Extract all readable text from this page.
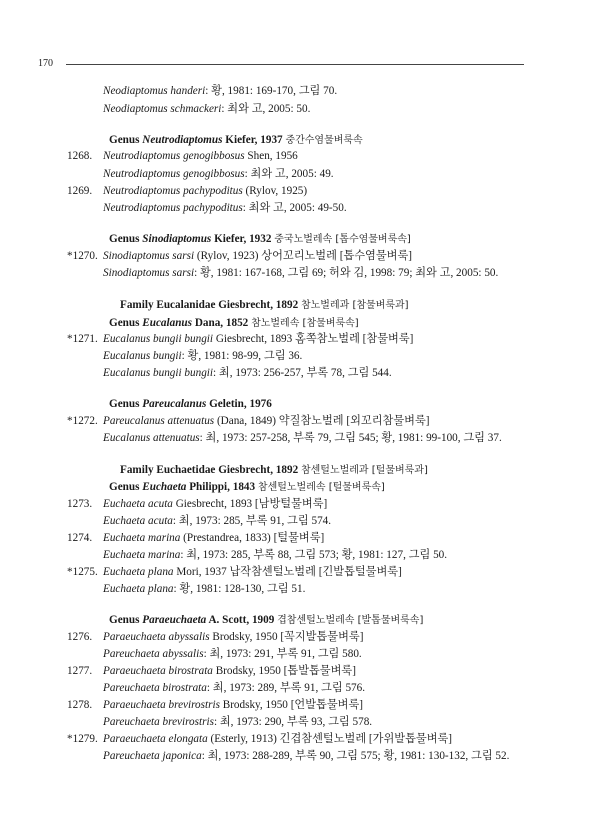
170
Neodiaptomus handeri: 황, 1981: 169-170, 그림 70.
Neodiaptomus schmackeri: 최와 고, 2005: 50.
Genus Neutrodiaptomus Kiefer, 1937 중간수염물벼룩속
1268. Neutrodiaptomus genogibbosus Shen, 1956
Neutrodiaptomus genogibbosus: 최와 고, 2005: 49.
1269. Neutrodiaptomus pachypoditus (Rylov, 1925)
Neutrodiaptomus pachypoditus: 최와 고, 2005: 49-50.
Genus Sinodiaptomus Kiefer, 1932 중국노벌레속 [톱수염물벼룩속]
*1270. Sinodiaptomus sarsi (Rylov, 1923) 상어꼬리노벌레 [톱수염물벼룩]
Sinodiaptomus sarsi: 황, 1981: 167-168, 그림 69; 허와 김, 1998: 79; 최와 고, 2005: 50.
Family Eucalanidae Giesbrecht, 1892 참노벌레과 [참물벼룩과]
Genus Eucalanus Dana, 1852 참노벌레속 [참물벼룩속]
*1271. Eucalanus bungii bungii Giesbrecht, 1893 홈쪽참노벌레 [참물벼룩]
Eucalanus bungii: 황, 1981: 98-99, 그림 36.
Eucalanus bungii bungii: 최, 1973: 256-257, 부록 78, 그림 544.
Genus Pareucalanus Geletin, 1976
*1272. Pareucalanus attenuatus (Dana, 1849) 약질참노벌레 [외꼬리참물벼룩]
Eucalanus attenuatus: 최, 1973: 257-258, 부록 79, 그림 545; 황, 1981: 99-100, 그림 37.
Family Euchaetidae Giesbrecht, 1892 참센털노벌레과 [털물벼룩과]
Genus Euchaeta Philippi, 1843 참센털노벌레속 [털물벼룩속]
1273. Euchaeta acuta Giesbrecht, 1893 [남방털물벼룩]
Euchaeta acuta: 최, 1973: 285, 부록 91, 그림 574.
1274. Euchaeta marina (Prestandrea, 1833) [털물벼룩]
Euchaeta marina: 최, 1973: 285, 부록 88, 그림 573; 황, 1981: 127, 그림 50.
*1275. Euchaeta plana Mori, 1937 납작참센털노벌레 [긴발톱털물벼룩]
Euchaeta plana: 황, 1981: 128-130, 그림 51.
Genus Paraeuchaeta A. Scott, 1909 겹참센털노벌레속 [발톱물벼룩속]
1276. Paraeuchaeta abyssalis Brodsky, 1950 [꼭지발톱물벼룩]
Pareuchaeta abyssalis: 최, 1973: 291, 부록 91, 그림 580.
1277. Paraeuchaeta birostrata Brodsky, 1950 [톱발톱물벼룩]
Pareuchaeta birostrata: 최, 1973: 289, 부록 91, 그림 576.
1278. Paraeuchaeta brevirostris Brodsky, 1950 [언발톱물벼룩]
Pareuchaeta brevirostris: 최, 1973: 290, 부록 93, 그림 578.
*1279. Paraeuchaeta elongata (Esterly, 1913) 긴겹참센털노벌레 [가위발톱물벼룩]
Pareuchaeta japonica: 최, 1973: 288-289, 부록 90, 그림 575; 황, 1981: 130-132, 그림 52.
